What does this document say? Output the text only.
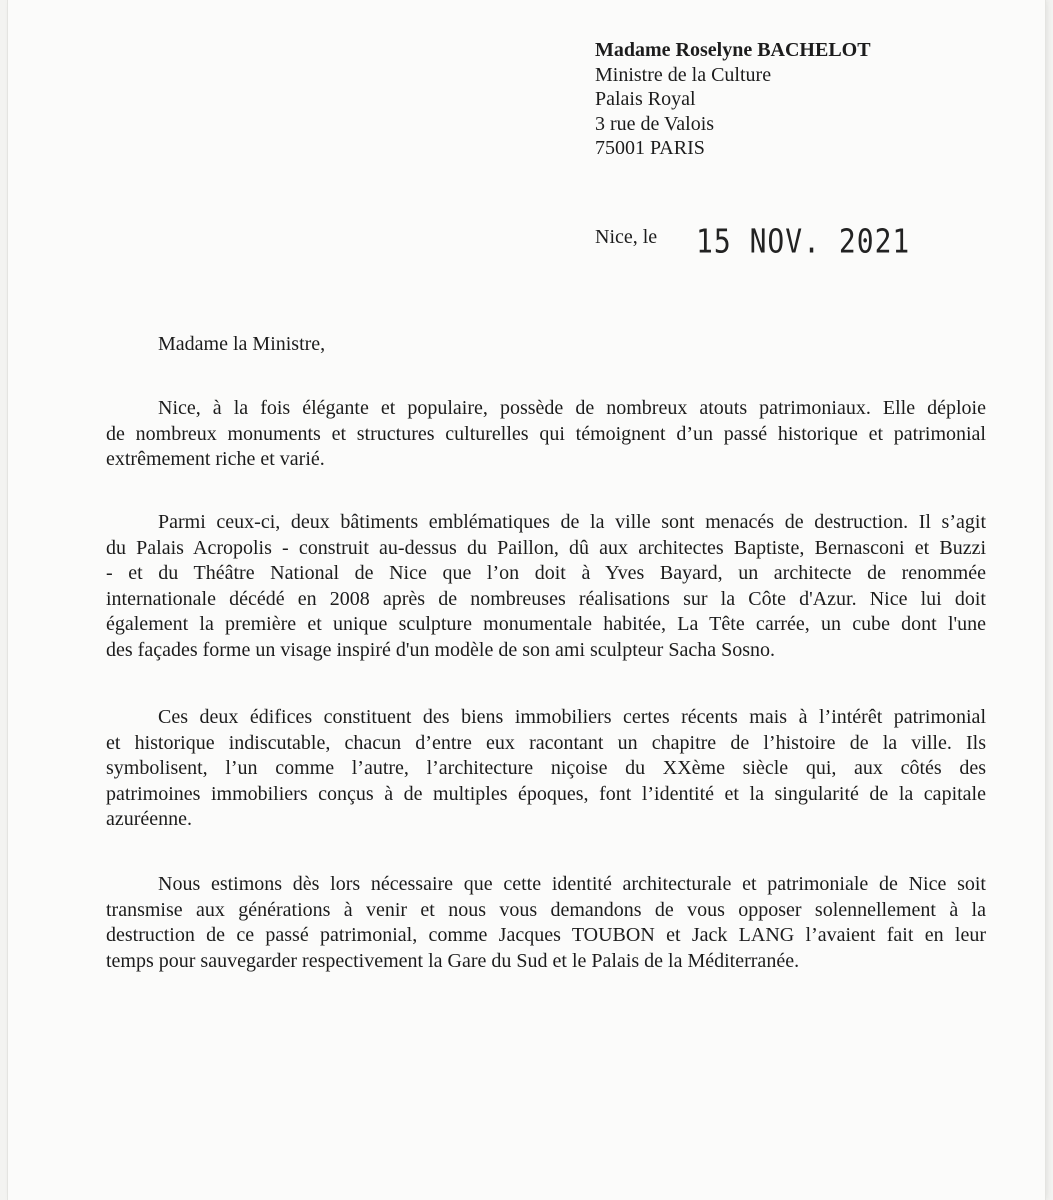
Madame Roselyne BACHELOT
Ministre de la Culture
Palais Royal
3 rue de Valois
75001 PARIS
Nice, le 15 NOV. 2021
Madame la Ministre,
Nice, à la fois élégante et populaire, possède de nombreux atouts patrimoniaux. Elle déploie
de nombreux monuments et structures culturelles qui témoignent d’un passé historique et patrimonial
extrêmement riche et varié.
Parmi ceux-ci, deux bâtiments emblématiques de la ville sont menacés de destruction. Il s’agit
du Palais Acropolis - construit au-dessus du Paillon, dû aux architectes Baptiste, Bernasconi et Buzzi
- et du Théâtre National de Nice que l’on doit à Yves Bayard, un architecte de renommée
internationale décédé en 2008 après de nombreuses réalisations sur la Côte d'Azur. Nice lui doit
également la première et unique sculpture monumentale habitée, La Tête carrée, un cube dont l'une
des façades forme un visage inspiré d'un modèle de son ami sculpteur Sacha Sosno.
Ces deux édifices constituent des biens immobiliers certes récents mais à l’intérêt patrimonial
et historique indiscutable, chacun d’entre eux racontant un chapitre de l’histoire de la ville. Ils
symbolisent, l’un comme l’autre, l’architecture niçoise du XXème siècle qui, aux côtés des
patrimoines immobiliers conçus à de multiples époques, font l’identité et la singularité de la capitale
azuréenne.
Nous estimons dès lors nécessaire que cette identité architecturale et patrimoniale de Nice soit
transmise aux générations à venir et nous vous demandons de vous opposer solennellement à la
destruction de ce passé patrimonial, comme Jacques TOUBON et Jack LANG l’avaient fait en leur
temps pour sauvegarder respectivement la Gare du Sud et le Palais de la Méditerranée.
